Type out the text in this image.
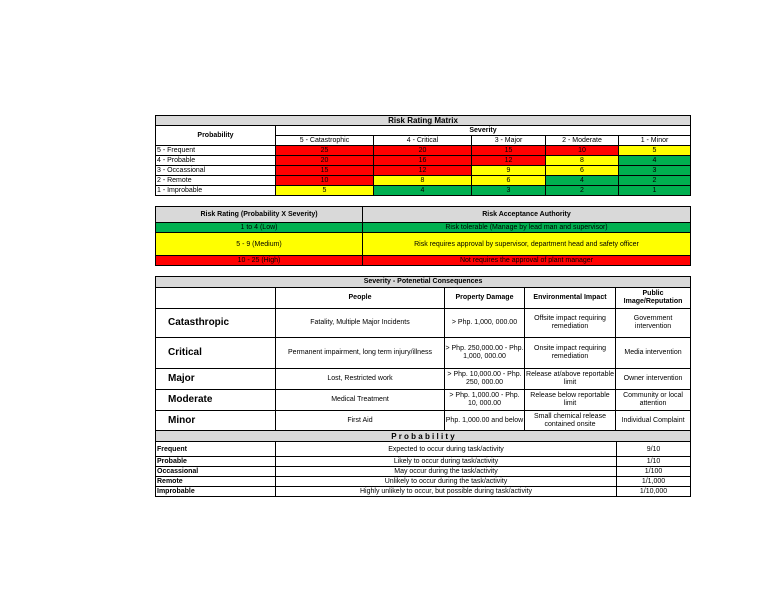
Risk Rating Matrix					
Probability	Severity				
	5 - Catastrophic	4 - Critical	3 - Major	2 - Moderate	1 - Minor
5 - Frequent	25	20	15	10	5
4 - Probable	20	16	12	8	4
3 - Occassional	15	12	9	6	3
2 - Remote	10	8	6	4	2
1 - Improbable	5	4	3	2	1
Risk Rating (Probability X Severity)	Risk Acceptance Authority
1 to 4 (Low)	Risk tolerable (Manage by lead man and supervisor)
5 - 9 (Medium)	Risk requires approval by supervisor, department head and safety officer
10 - 25 (High)	Not requires the approval of plant manager
Severity - Potenetial Consequences				
	People	Property Damage	Environmental Impact	Public Image/Reputation
Catasthropic	Fatality, Multiple Major Incidents	> Php. 1,000, 000.00	Offsite impact requiring remediation	Government intervention
Critical	Permanent impairment, long term injury/illness	> Php. 250,000.00 - Php. 1,000, 000.00	Onsite impact requiring remediation	Media intervention
Major	Lost, Restricted work	> Php. 10,000.00 - Php. 250, 000.00	Release at/above reportable limit	Owner intervention
Moderate	Medical Treatment	> Php. 1,000.00 - Php. 10, 000.00	Release below reportable limit	Community or local attention
Minor	First Aid	Php. 1,000.00 and below	Small chemical release contained onsite	Individual Complaint
P r o b a b i l i t y		
Frequent	Expected to occur during task/activity	9/10
Probable	Likely to occur during task/activity	1/10
Occassional	May occur during the task/activity	1/100
Remote	Unlikely to occur during the task/activity	1/1,000
Improbable	Highly unlikely to occur, but possible during task/activity	1/10,000
